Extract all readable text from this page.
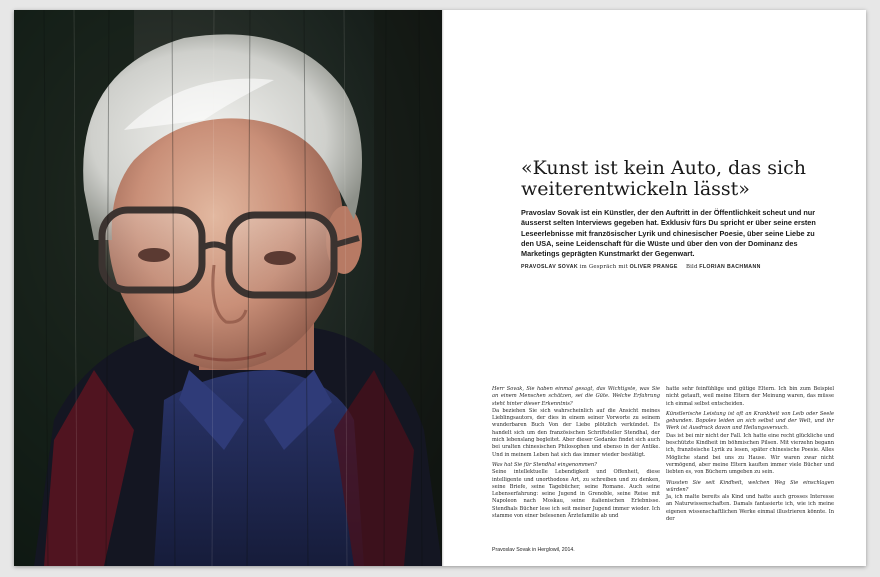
«Kunst ist kein Auto, das sich
weiterentwickeln lässt»

Pravoslav Sovak ist ein Künstler, der den Auftritt in der Öffentlichkeit scheut und nur äusserst selten Interviews gegeben hat. Exklusiv fürs Du spricht er über seine ersten Leseerlebnisse mit französischer Lyrik und chinesischer Poesie, über seine Liebe zu den USA, seine Leidenschaft für die Wüste und über den von der Dominanz des Marketings geprägten Kunstmarkt der Gegenwart.

PRAVOSLAV SOVAK im Gespräch mit OLIVER PRANGE Bild FLORIAN BACHMANN

Herr Sovak, Sie haben einmal gesagt, das Wichtigste, was Sie an einem Menschen schätzen, sei die Güte. Welche Erfahrung steht hinter dieser Erkenntnis?

Da beziehen Sie sich wahrscheinlich auf die Ansicht meines Lieblingsautors, der dies in einem seiner Vorworte zu seinem wunderbaren Buch Von der Liebe plötzlich verkündet. Es handelt sich um den französischen Schriftsteller Stendhal, der mich lebenslang begleitet. Aber dieser Gedanke findet sich auch bei uralten chinesischen Philosophen und ebenso in der Antike. Und in meinem Leben hat sich das immer wieder bestätigt.

Was hat Sie für Stendhal eingenommen?

Seine intellektuelle Lebendigkeit und Offenheit, diese intelligente und unorthodoxe Art, zu schreiben und zu denken, seine Briefe, seine Tagebücher, seine Romane. Auch seine Lebenserfahrung: seine Jugend in Grenoble, seine Reise mit Napoleon nach Moskau, seine italienischen Erlebnisse. Stendhals Bücher lese ich seit meiner Jugend immer wieder. Ich stamme von einer belesenen Ärztefamilie ab und

hatte sehr feinfühlige und gütige Eltern. Ich bin zum Beispiel nicht getauft, weil meine Eltern der Meinung waren, das müsse ich einmal selbst entscheiden.

Künstlerische Leistung ist oft an Krankheit von Leib oder Seele gebunden. Bopolev leiden an sich selbst und der Welt, und ihr Werk ist Ausdruck davon und Heilungsversuch.

Das ist bei mir nicht der Fall. Ich hatte eine recht glückliche und beschützte Kindheit im böhmischen Pilsen. Mit vierzehn begann ich, französische Lyrik zu lesen, später chinesische Poesie. Alles Mögliche stand bei uns zu Hause. Wir waren zwar nicht vermögend, aber meine Eltern kauften immer viele Bücher und liebten es, von Büchern umgeben zu sein.

Wussten Sie seit Kindheit, welchen Weg Sie einschlagen würden?

Ja, ich malte bereits als Kind und hatte auch grosses Interesse an Naturwissenschaften. Damals fantasierte ich, wie ich meine eigenen wissenschaftlichen Werke einmal illustrieren könnte. In der

Pravoslav Sovak in Herglowil, 2014.
